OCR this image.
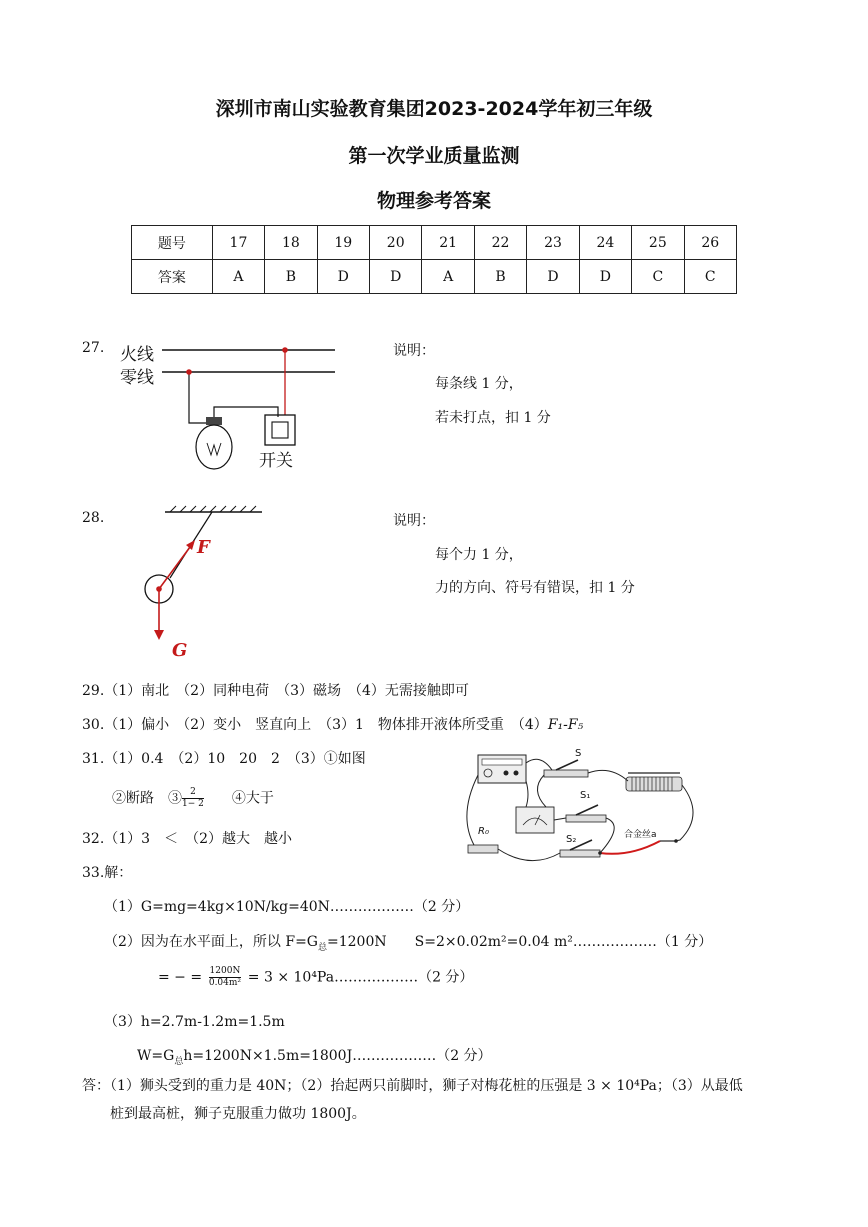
深圳市南山实验教育集团2023-2024学年初三年级
第一次学业质量监测
物理参考答案
题号	17	18	19	20	21	22	23	24	25	26
答案	A	B	D	D	A	B	D	D	C	C
27. 火线
零线
开关
说明：
每条线 1 分，
若未打点，扣 1 分
28.
F
G
说明：
每个力 1 分，
力的方向、符号有错误，扣 1 分
29.（1）南北　（2）同种电荷　（3）磁场　（4）无需接触即可
30.（1）偏小　（2）变小　竖直向上　（3）1　物体排开液体所受重　（4）F₁-F₅
31.（1）0.4　（2）10　20　2　（3）①如图
②断路　③ $\frac{2}{1- 2}$
　　 ④大于
32.（1）3　＜　（2）越大　越小
S
S₁
S₂
R₀	合金丝a
33.解：
（1）G=mg=4kg×10N/kg=40N………………（2 分）
（2）因为在水平面上，所以 $F=G_总=1200N$　　S=2×0.02m²=0.04 m²………………（1 分）
= − = $\frac{1200N}{\text{0.04m²}} = 3$ × 10⁴Pa………………（2 分）
（3）h=2.7m-1.2m=1.5m
$W=G_总h=1200N\times 1.5m=1800J\dots\dots\dots\dots\dots\dots(2$ 分）
答：（1）狮头受到的重力是 40N；（2）抬起两只前脚时，狮子对梅花桩的压强是 3 × 10⁴Pa；（3）从最低
桩到最高桩，狮子克服重力做功 1800J。
